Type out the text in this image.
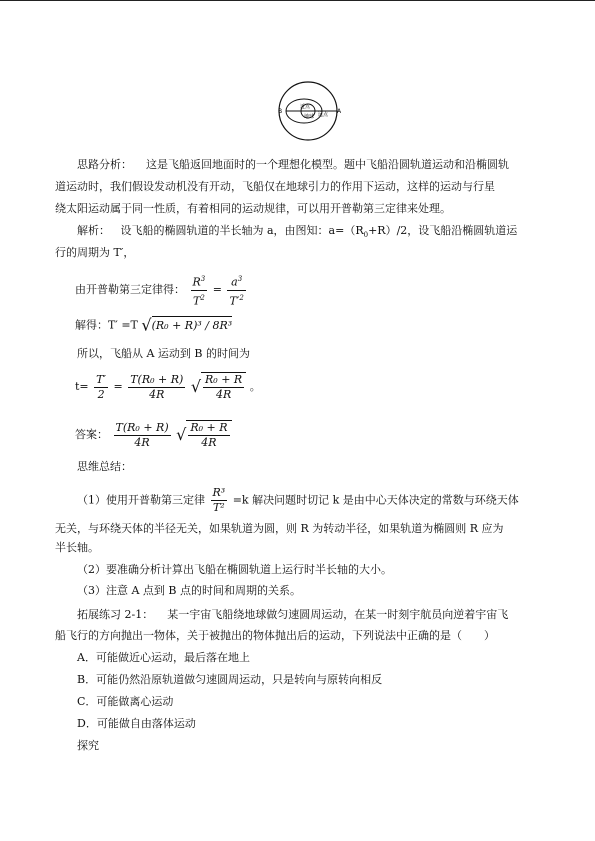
B	A
近点
地球 远点

思路分析： 这是飞船返回地面时的一个理想化模型。题中飞船沿圆轨道运动和沿椭圆轨

道运动时，我们假设发动机没有开动，飞船仅在地球引力的作用下运动，这样的运动与行星

绕太阳运动属于同一性质，有着相同的运动规律，可以用开普勒第三定律来处理。

解析： 设飞船的椭圆轨道的半长轴为 a，由图知：$a=(R_0+R)/2$，设飞船沿椭圆轨道运

行的周期为 T′，

由开普勒第三定律得： $\frac{R^3}{T^2} = \frac{a^3}{T'^2}$
解得：T′ =T √(R₀ + R)³ / 8R³

所以，飞船从 A 运动到 B 的时间为

$t= \frac{T'}{2} = \frac{\text{T(R₀ + R)}}{4R}$ √ $\frac{\text{R₀ + R}}{4R}$ 。
答案： $\frac{\text{T(R₀ + R)}}{4R}$ √ $\frac{\text{R₀ + R}}{4R}$

思维总结：

（1）使用开普勒第三定律 $\frac{\text{R³}}{\text{T²}} =k$ 解决问题时切记 k 是由中心天体决定的常数与环绕天体

无关，与环绕天体的半径无关，如果轨道为圆，则 R 为转动半径，如果轨道为椭圆则 R 应为

半长轴。

（2）要准确分析计算出飞船在椭圆轨道上运行时半长轴的大小。

（3）注意 A 点到 B 点的时间和周期的关系。

拓展练习 2-1： 某一宇宙飞船绕地球做匀速圆周运动，在某一时刻宇航员向逆着宇宙飞

船飞行的方向抛出一物体，关于被抛出的物体抛出后的运动，下列说法中正确的是（　　）

A．可能做近心运动，最后落在地上

B．可能仍然沿原轨道做匀速圆周运动，只是转向与原转向相反

C．可能做离心运动

D．可能做自由落体运动

探究
